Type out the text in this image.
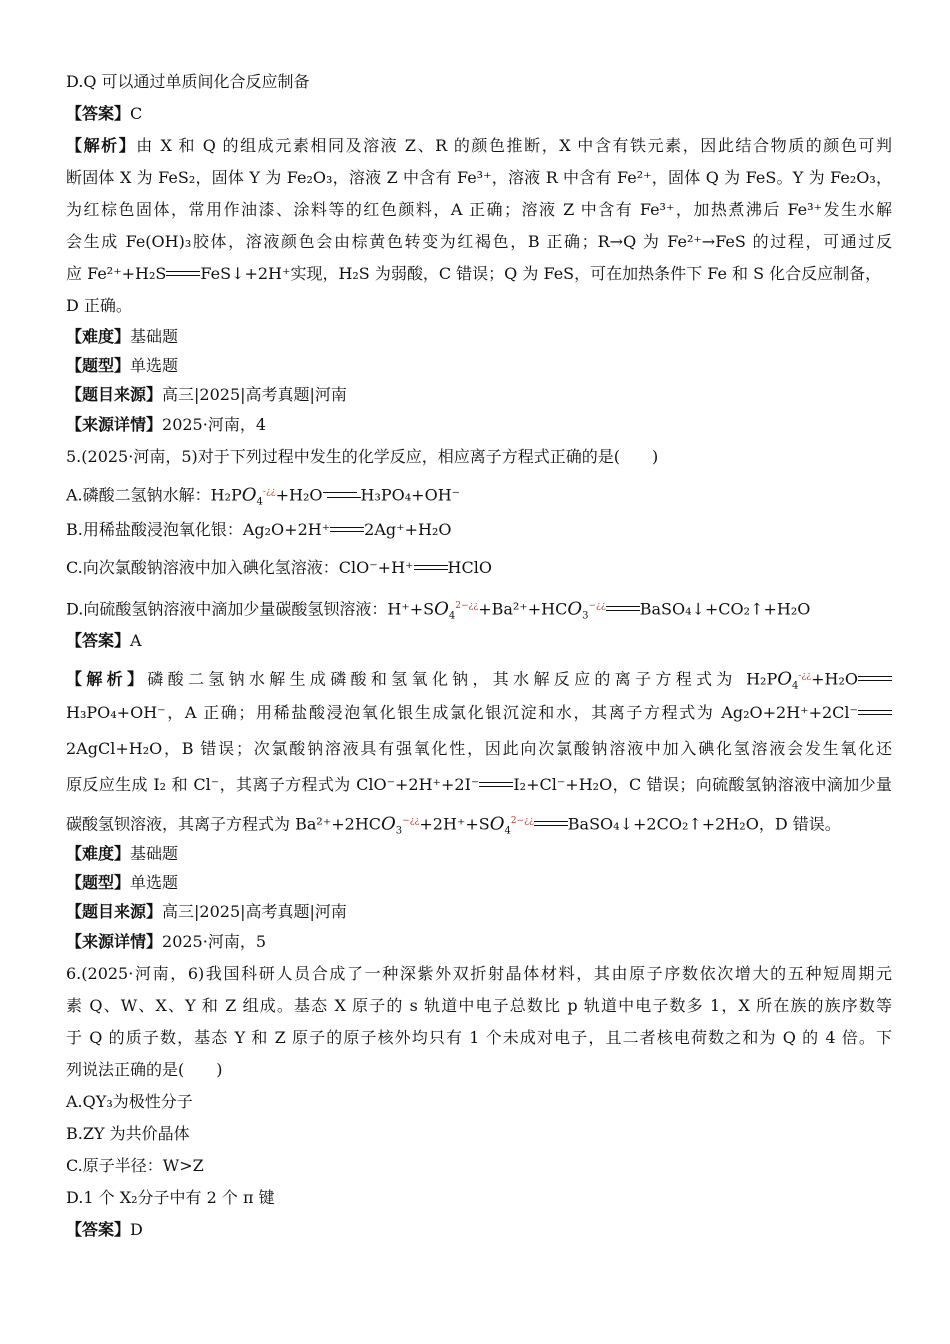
D.Q 可以通过单质间化合反应制备
【答案】C
【解析】由 X 和 Q 的组成元素相同及溶液 Z、R 的颜色推断，X 中含有铁元素，因此结合物质的颜色可判
断固体 X 为 FeS₂，固体 Y 为 Fe₂O₃，溶液 Z 中含有 Fe³⁺，溶液 R 中含有 Fe²⁺，固体 Q 为 FeS。Y 为 Fe₂O₃，
为红棕色固体，常用作油漆、涂料等的红色颜料，A 正确；溶液 Z 中含有 Fe³⁺，加热煮沸后 Fe³⁺发生水解
会生成 Fe(OH)₃胶体，溶液颜色会由棕黄色转变为红褐色，B 正确；R→Q 为 Fe²⁺→FeS 的过程，可通过反
应 Fe²⁺+H₂S FeS↓+2H⁺实现，H₂S 为弱酸，C 错误；Q 为 FeS，可在加热条件下 Fe 和 S 化合反应制备，
D 正确。
【难度】基础题
【题型】单选题
【题目来源】高三|2025|高考真题|河南
【来源详情】2025·河南，4
5.(2025·河南，5)对于下列过程中发生的化学反应，相应离子方程式正确的是(　　)
A.磷酸二氢钠水解：$H_2PO_4^{-¿¿}+H_2O$ H₃PO₄+OH⁻
B.用稀盐酸浸泡氧化银：Ag₂O+2H⁺ 2Ag⁺+H₂O
C.向次氯酸钠溶液中加入碘化氢溶液：ClO⁻+H⁺ HClO
D.向硫酸氢钠溶液中滴加少量碳酸氢钡溶液：$H^++SO_4^{2-¿¿}+Ba^{2+}+HCO_3^{-¿¿}$ BaSO₄↓+CO₂↑+H₂O
【答案】A
【解析】磷酸二氢钠水解生成磷酸和氢氧化钠，其水解反应的离子方程式为 $H_2PO_4^{-¿¿}+H_2O$
H₃PO₄+OH⁻，A 正确；用稀盐酸浸泡氧化银生成氯化银沉淀和水，其离子方程式为 Ag₂O+2H⁺+2Cl⁻
2AgCl+H₂O，B 错误；次氯酸钠溶液具有强氧化性，因此向次氯酸钠溶液中加入碘化氢溶液会发生氧化还
原反应生成 I₂ 和 Cl⁻，其离子方程式为 ClO⁻+2H⁺+2I⁻ I₂+Cl⁻+H₂O，C 错误；向硫酸氢钠溶液中滴加少量
碳酸氢钡溶液，其离子方程式为 $Ba^{2+}+2HCO_3^{-¿¿}+2H^++SO_4^{2-¿¿}$ BaSO₄↓+2CO₂↑+2H₂O，D 错误。
【难度】基础题
【题型】单选题
【题目来源】高三|2025|高考真题|河南
【来源详情】2025·河南，5
6.(2025·河南，6)我国科研人员合成了一种深紫外双折射晶体材料，其由原子序数依次增大的五种短周期元
素 Q、W、X、Y 和 Z 组成。基态 X 原子的 s 轨道中电子总数比 p 轨道中电子数多 1，X 所在族的族序数等
于 Q 的质子数，基态 Y 和 Z 原子的原子核外均只有 1 个未成对电子，且二者核电荷数之和为 Q 的 4 倍。下
列说法正确的是(　　)
A.QY₃为极性分子
B.ZY 为共价晶体
C.原子半径：W>Z
D.1 个 X₂分子中有 2 个 π 键
【答案】D
